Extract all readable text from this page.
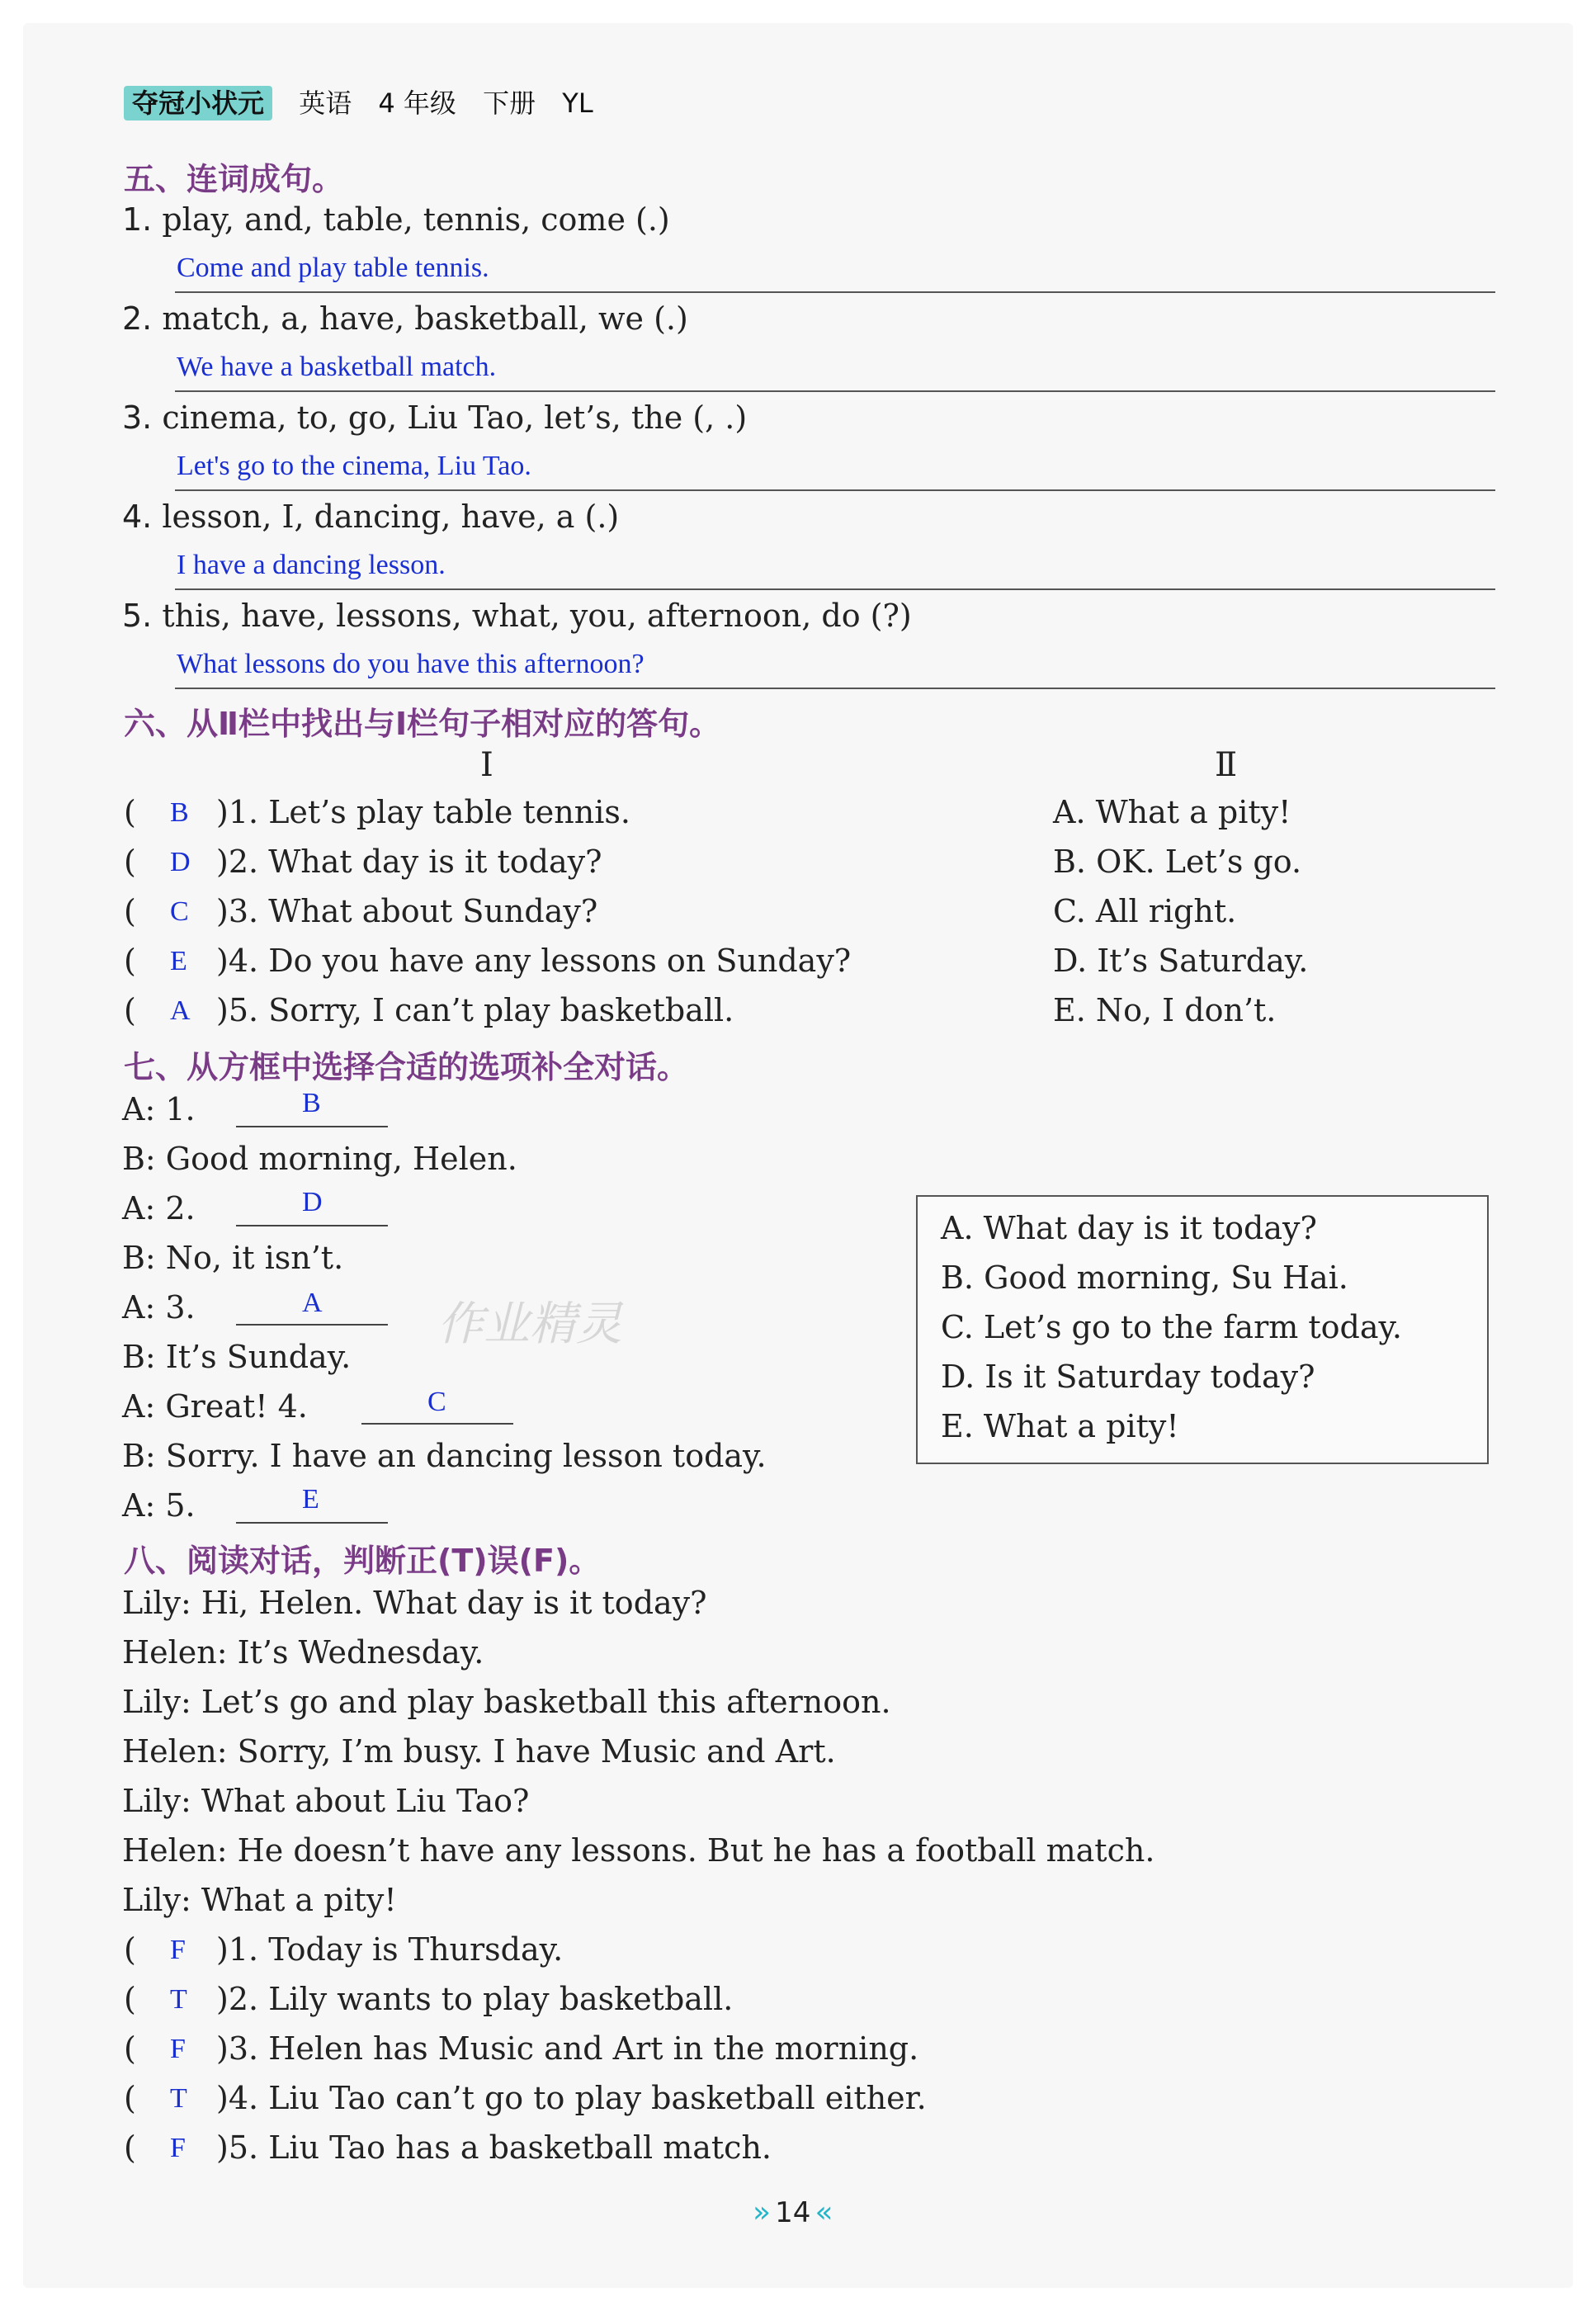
夺冠小状元 英语 4 年级 下册 YL
五、连词成句。
1. play, and, table, tennis, come (.)
Come and play table tennis.
2. match, a, have, basketball, we (.)
We have a basketball match.
3. cinema, to, go, Liu Tao, let’s, the (, .)
Let's go to the cinema, Liu Tao.
4. lesson, I, dancing, have, a (.)
I have a dancing lesson.
5. this, have, lessons, what, you, afternoon, do (?)
What lessons do you have this afternoon?
六、从Ⅱ栏中找出与Ⅰ栏句子相对应的答句。
Ⅰ	Ⅱ
( B )1. Let’s play table tennis.	A. What a pity!
( D )2. What day is it today?	B. OK. Let’s go.
( C )3. What about Sunday?	C. All right.
( E )4. Do you have any lessons on Sunday?	D. It’s Saturday.
( A )5. Sorry, I can’t play basketball.	E. No, I don’t.
七、从方框中选择合适的选项补全对话。
A: 1.	B
B: Good morning, Helen.
A: 2.	D
B: No, it isn’t.
A: 3.	A 作业精灵
B: It’s Sunday.
A: Great! 4.	C
B: Sorry. I have an dancing lesson today.
A: 5.	E
A. What day is it today?
B. Good morning, Su Hai.
C. Let’s go to the farm today.
D. Is it Saturday today?
E. What a pity!
八、阅读对话，判断正(T)误(F)。
Lily: Hi, Helen. What day is it today?
Helen: It’s Wednesday.
Lily: Let’s go and play basketball this afternoon.
Helen: Sorry, I’m busy. I have Music and Art.
Lily: What about Liu Tao?
Helen: He doesn’t have any lessons. But he has a football match.
Lily: What a pity!
( F )1. Today is Thursday.
( T )2. Lily wants to play basketball.
( F )3. Helen has Music and Art in the morning.
( T )4. Liu Tao can’t go to play basketball either.
( F )5. Liu Tao has a basketball match.
» 14 «
